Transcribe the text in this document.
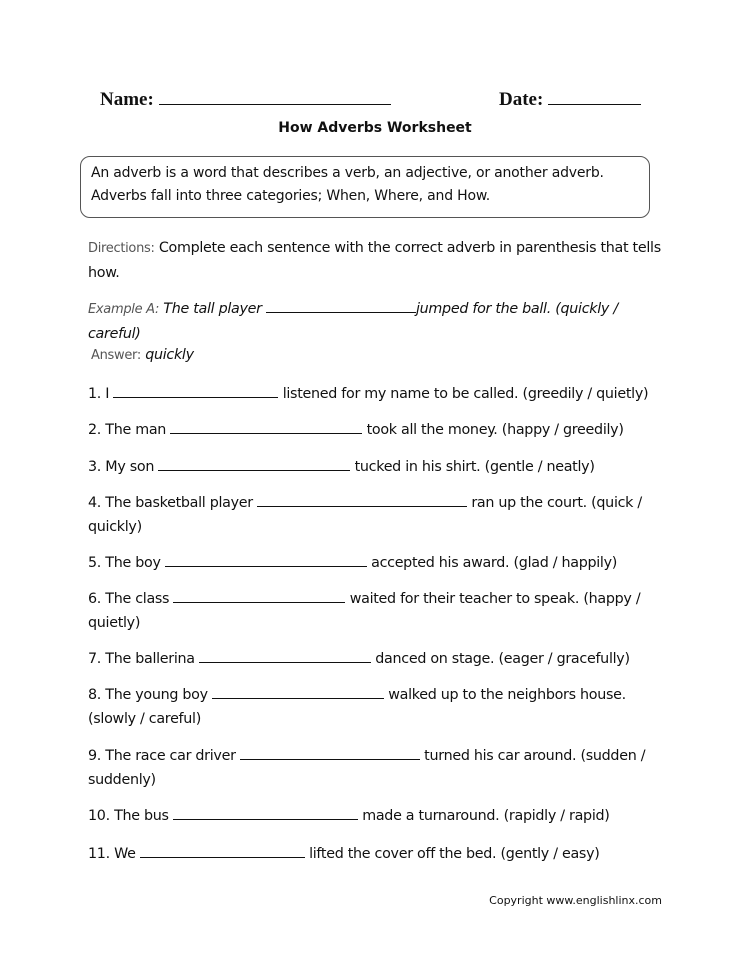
Name:	Date:
How Adverbs Worksheet
An adverb is a word that describes a verb, an adjective, or another adverb.
Adverbs fall into three categories; When, Where, and How.
Directions: Complete each sentence with the correct adverb in parenthesis that tells how.
Example A: The tall player	jumped for the ball. (quickly / careful)
Answer: quickly
1. I	listened for my name to be called. (greedily / quietly)
2. The man	took all the money. (happy / greedily)
3. My son	tucked in his shirt. (gentle / neatly)
4. The basketball player	ran up the court. (quick / quickly)
5. The boy	accepted his award. (glad / happily)
6. The class	waited for their teacher to speak. (happy / quietly)
7. The ballerina	danced on stage. (eager / gracefully)
8. The young boy	walked up to the neighbors house. (slowly / careful)
9. The race car driver	turned his car around. (sudden / suddenly)
10. The bus	made a turnaround. (rapidly / rapid)
11. We	lifted the cover off the bed. (gently / easy)
Copyright www.englishlinx.com
